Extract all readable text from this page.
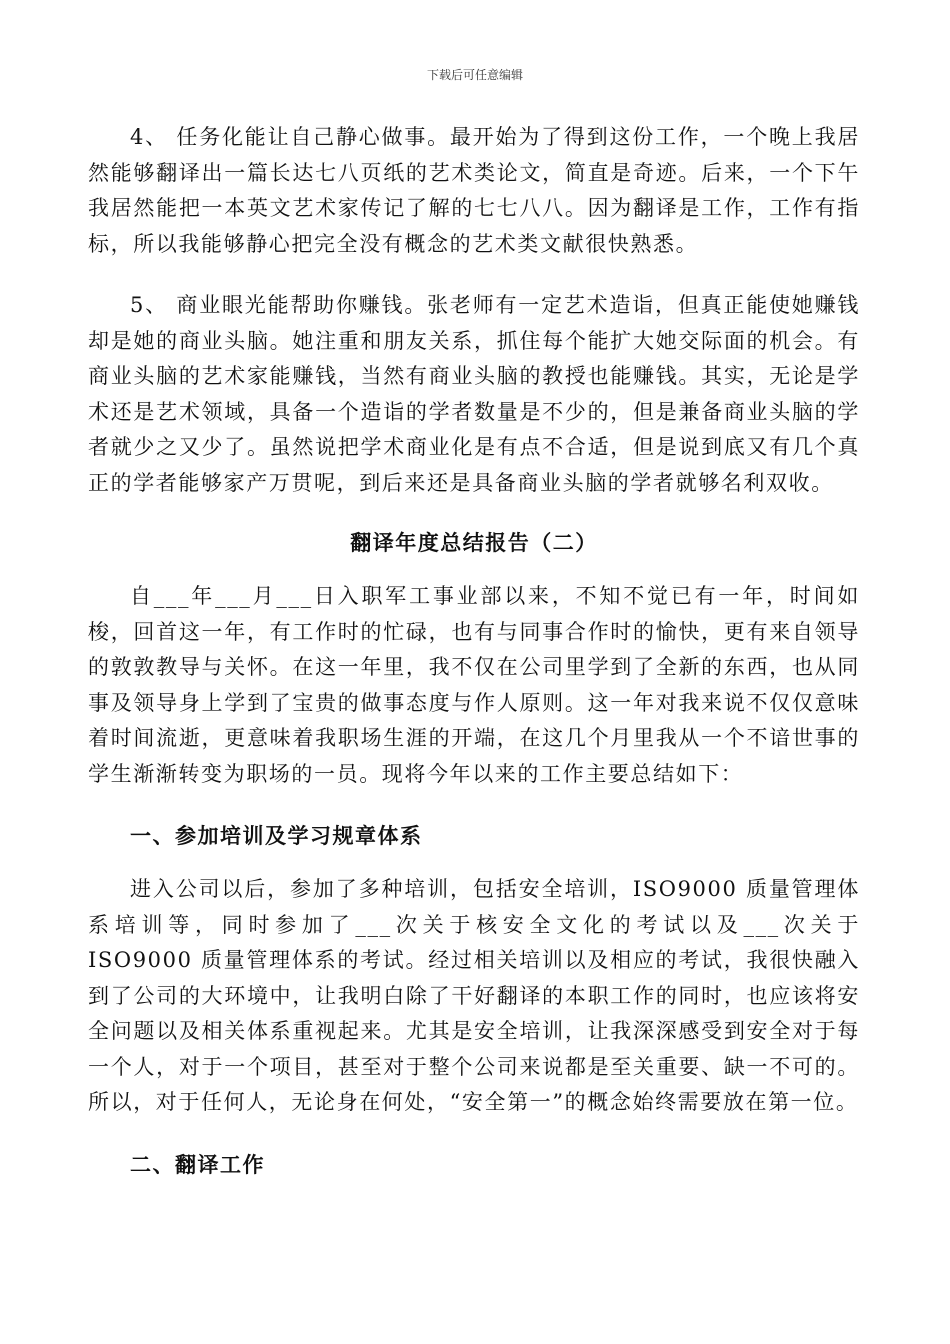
下载后可任意编辑

4、 任务化能让自己静心做事。最开始为了得到这份工作，一个晚上我居然能够翻译出一篇长达七八页纸的艺术类论文，简直是奇迹。后来，一个下午我居然能把一本英文艺术家传记了解的七七八八。因为翻译是工作，工作有指标，所以我能够静心把完全没有概念的艺术类文献很快熟悉。

5、 商业眼光能帮助你赚钱。张老师有一定艺术造诣，但真正能使她赚钱却是她的商业头脑。她注重和朋友关系，抓住每个能扩大她交际面的机会。有商业头脑的艺术家能赚钱，当然有商业头脑的教授也能赚钱。其实，无论是学术还是艺术领域，具备一个造诣的学者数量是不少的，但是兼备商业头脑的学者就少之又少了。虽然说把学术商业化是有点不合适，但是说到底又有几个真正的学者能够家产万贯呢，到后来还是具备商业头脑的学者就够名利双收。

翻译年度总结报告（二）

自___年___月___日入职军工事业部以来，不知不觉已有一年，时间如梭，回首这一年，有工作时的忙碌，也有与同事合作时的愉快，更有来自领导的敦敦教导与关怀。在这一年里，我不仅在公司里学到了全新的东西，也从同事及领导身上学到了宝贵的做事态度与作人原则。这一年对我来说不仅仅意味着时间流逝，更意味着我职场生涯的开端，在这几个月里我从一个不谙世事的学生渐渐转变为职场的一员。现将今年以来的工作主要总结如下：

一、参加培训及学习规章体系

进入公司以后，参加了多种培训，包括安全培训，ISO9000 质量管理体系培训等，同时参加了___次关于核安全文化的考试以及___次关于 ISO9000 质量管理体系的考试。经过相关培训以及相应的考试，我很快融入到了公司的大环境中，让我明白除了干好翻译的本职工作的同时，也应该将安全问题以及相关体系重视起来。尤其是安全培训，让我深深感受到安全对于每一个人，对于一个项目，甚至对于整个公司来说都是至关重要、缺一不可的。所以，对于任何人，无论身在何处，“安全第一”的概念始终需要放在第一位。

二、翻译工作
